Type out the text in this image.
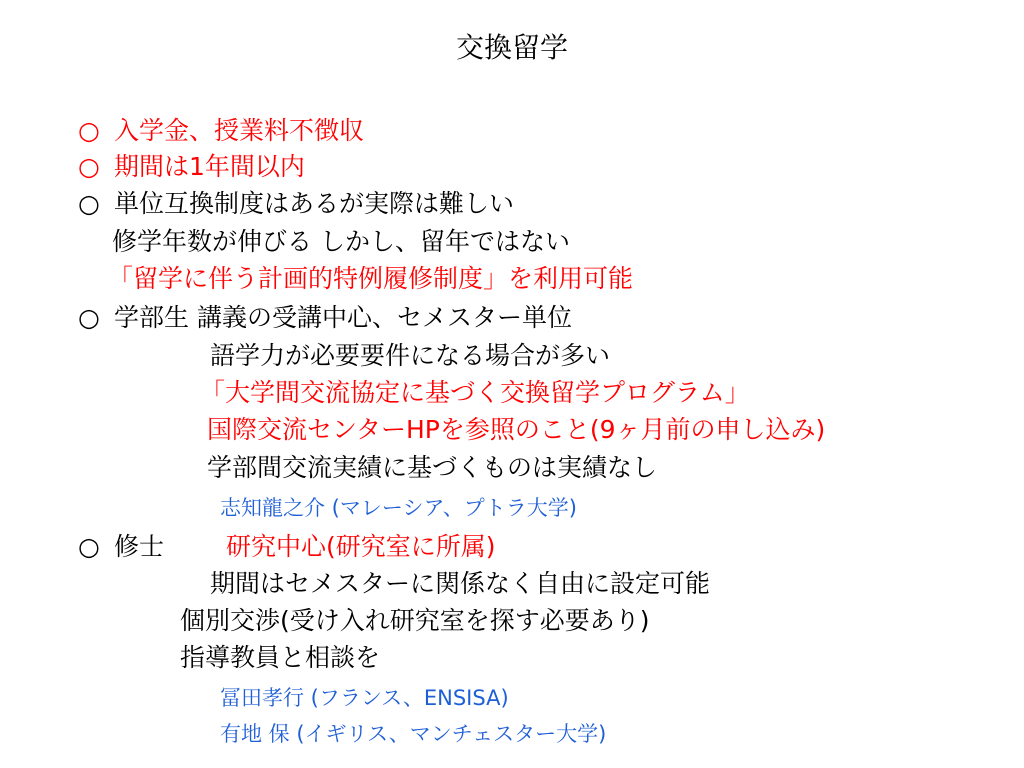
交換留学
○ 入学金、授業料不徴収
○ 期間は1年間以内
○ 単位互換制度はあるが実際は難しい
修学年数が伸びる しかし、留年ではない
「留学に伴う計画的特例履修制度」を利用可能
○ 学部生 講義の受講中心、セメスター単位
語学力が必要要件になる場合が多い
「大学間交流協定に基づく交換留学プログラム」
国際交流センターHPを参照のこと(9ヶ月前の申し込み)
学部間交流実績に基づくものは実績なし
志知龍之介 (マレーシア、プトラ大学)
○ 修士 研究中心(研究室に所属)
期間はセメスターに関係なく自由に設定可能
個別交渉(受け入れ研究室を探す必要あり)
指導教員と相談を
冨田孝行 (フランス、ENSISA)
有地 保 (イギリス、マンチェスター大学)
